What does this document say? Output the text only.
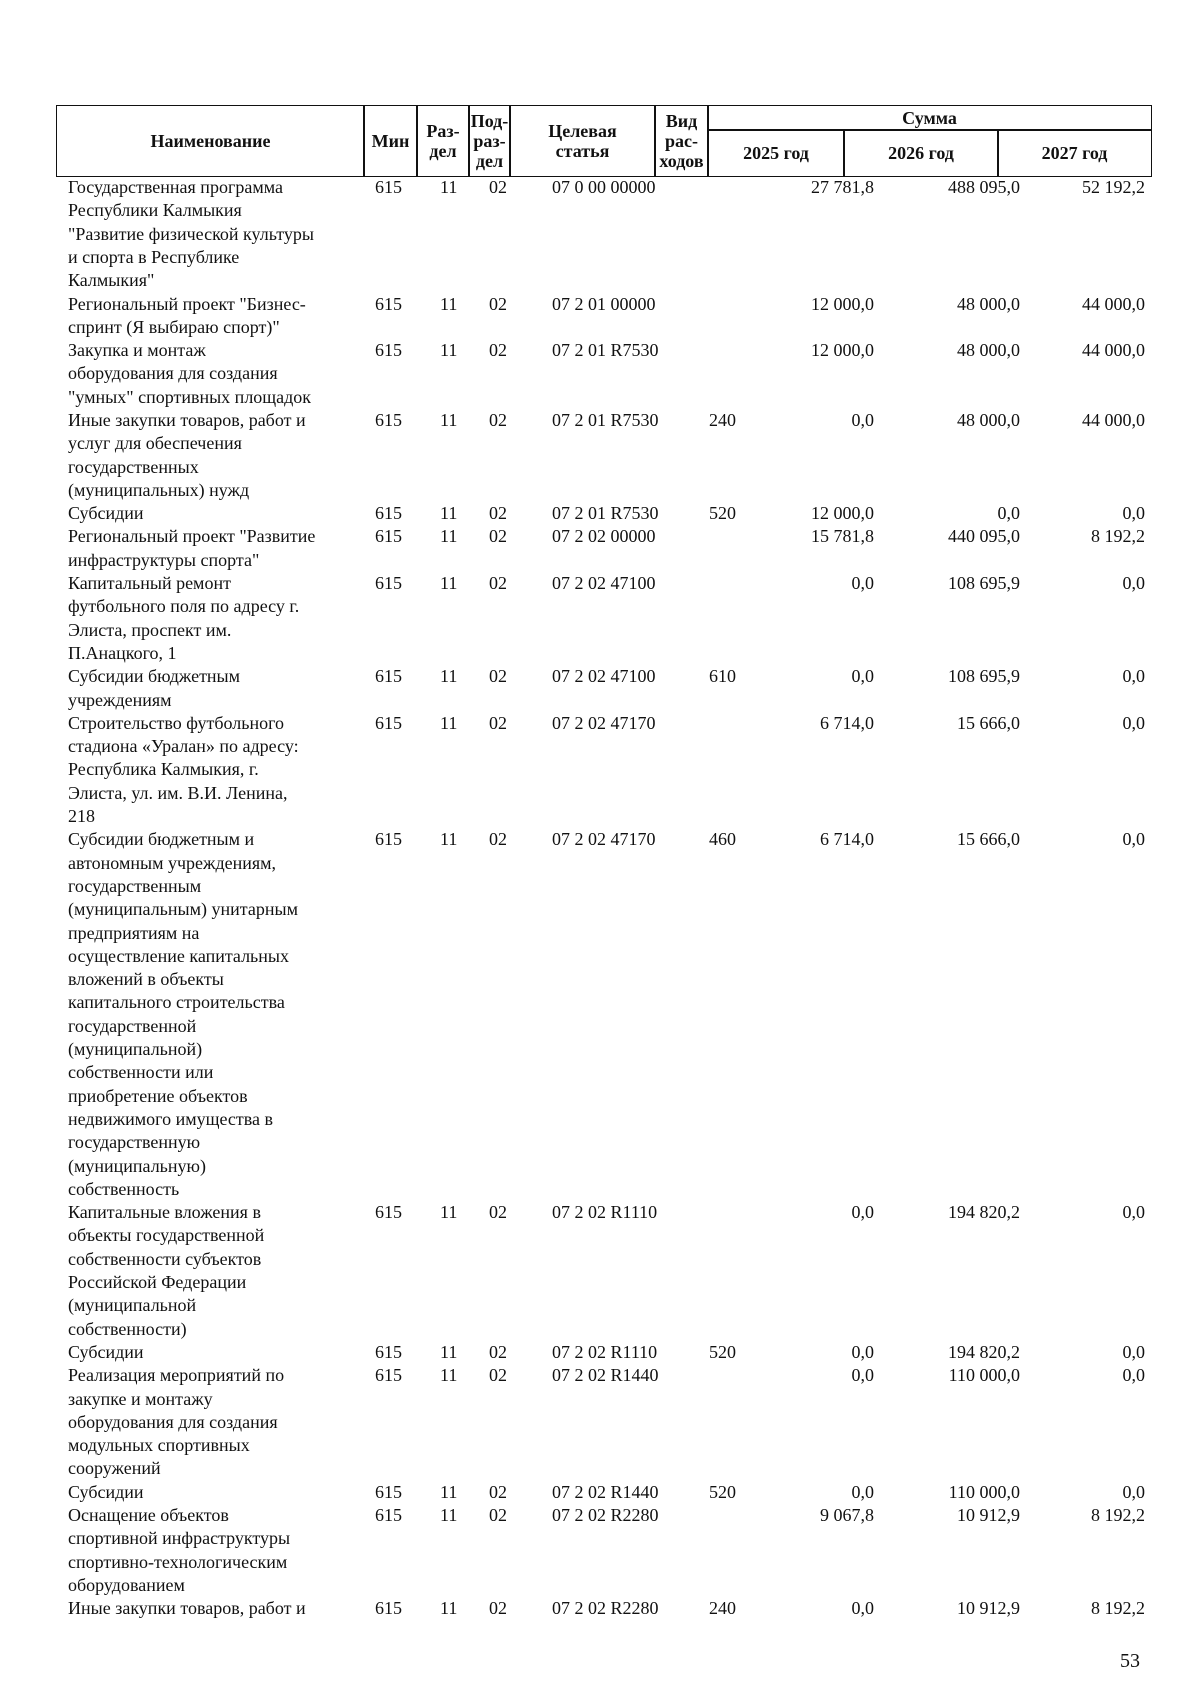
Наименование	Мин Раз-
дел
Под-
раз-
дел
Целевая
статья
Вид
рас-
ходов
Сумма
2025 год	2026 год	2027 год
Государственная программа
Республики Калмыкия
"Развитие физической культуры
и спорта в Республике
Калмыкия"
615	11	02	07 0 00 00000	27 781,8	488 095,0	52 192,2
Региональный проект "Бизнес-
спринт (Я выбираю спорт)"
615	11	02	07 2 01 00000	12 000,0	48 000,0	44 000,0
Закупка и монтаж
оборудования для создания
"умных" спортивных площадок
615	11	02	07 2 01 R7530	12 000,0	48 000,0	44 000,0
Иные закупки товаров, работ и
услуг для обеспечения
государственных
(муниципальных) нужд
615	11	02	07 2 01 R7530	240	0,0	48 000,0	44 000,0
Субсидии	615	11	02	07 2 01 R7530	520	12 000,0	0,0	0,0
Региональный проект "Развитие
инфраструктуры спорта"
615	11	02	07 2 02 00000	15 781,8	440 095,0	8 192,2
Капитальный ремонт
футбольного поля по адресу г.
Элиста, проспект им.
П.Анацкого, 1
615	11	02	07 2 02 47100	0,0	108 695,9	0,0
Субсидии бюджетным
учреждениям
615	11	02	07 2 02 47100	610	0,0	108 695,9	0,0
Строительство футбольного
стадиона «Уралан» по адресу:
Республика Калмыкия, г.
Элиста, ул. им. В.И. Ленина,
218
615	11	02	07 2 02 47170	6 714,0	15 666,0	0,0
Субсидии бюджетным и
автономным учреждениям,
государственным
(муниципальным) унитарным
предприятиям на
осуществление капитальных
вложений в объекты
капитального строительства
государственной
(муниципальной)
собственности или
приобретение объектов
недвижимого имущества в
государственную
(муниципальную)
собственность
615	11	02	07 2 02 47170	460	6 714,0	15 666,0	0,0
Капитальные вложения в
объекты государственной
собственности субъектов
Российской Федерации
(муниципальной
собственности)
615	11	02	07 2 02 R1110	0,0	194 820,2	0,0
Субсидии	615	11	02	07 2 02 R1110	520	0,0	194 820,2	0,0
Реализация мероприятий по
закупке и монтажу
оборудования для создания
модульных спортивных
сооружений
615	11	02	07 2 02 R1440	0,0	110 000,0	0,0
Субсидии	615	11	02	07 2 02 R1440	520	0,0	110 000,0	0,0
Оснащение объектов
спортивной инфраструктуры
спортивно-технологическим
оборудованием
615	11	02	07 2 02 R2280	9 067,8	10 912,9	8 192,2
Иные закупки товаров, работ и	615	11	02	07 2 02 R2280	240	0,0	10 912,9	8 192,2
53
